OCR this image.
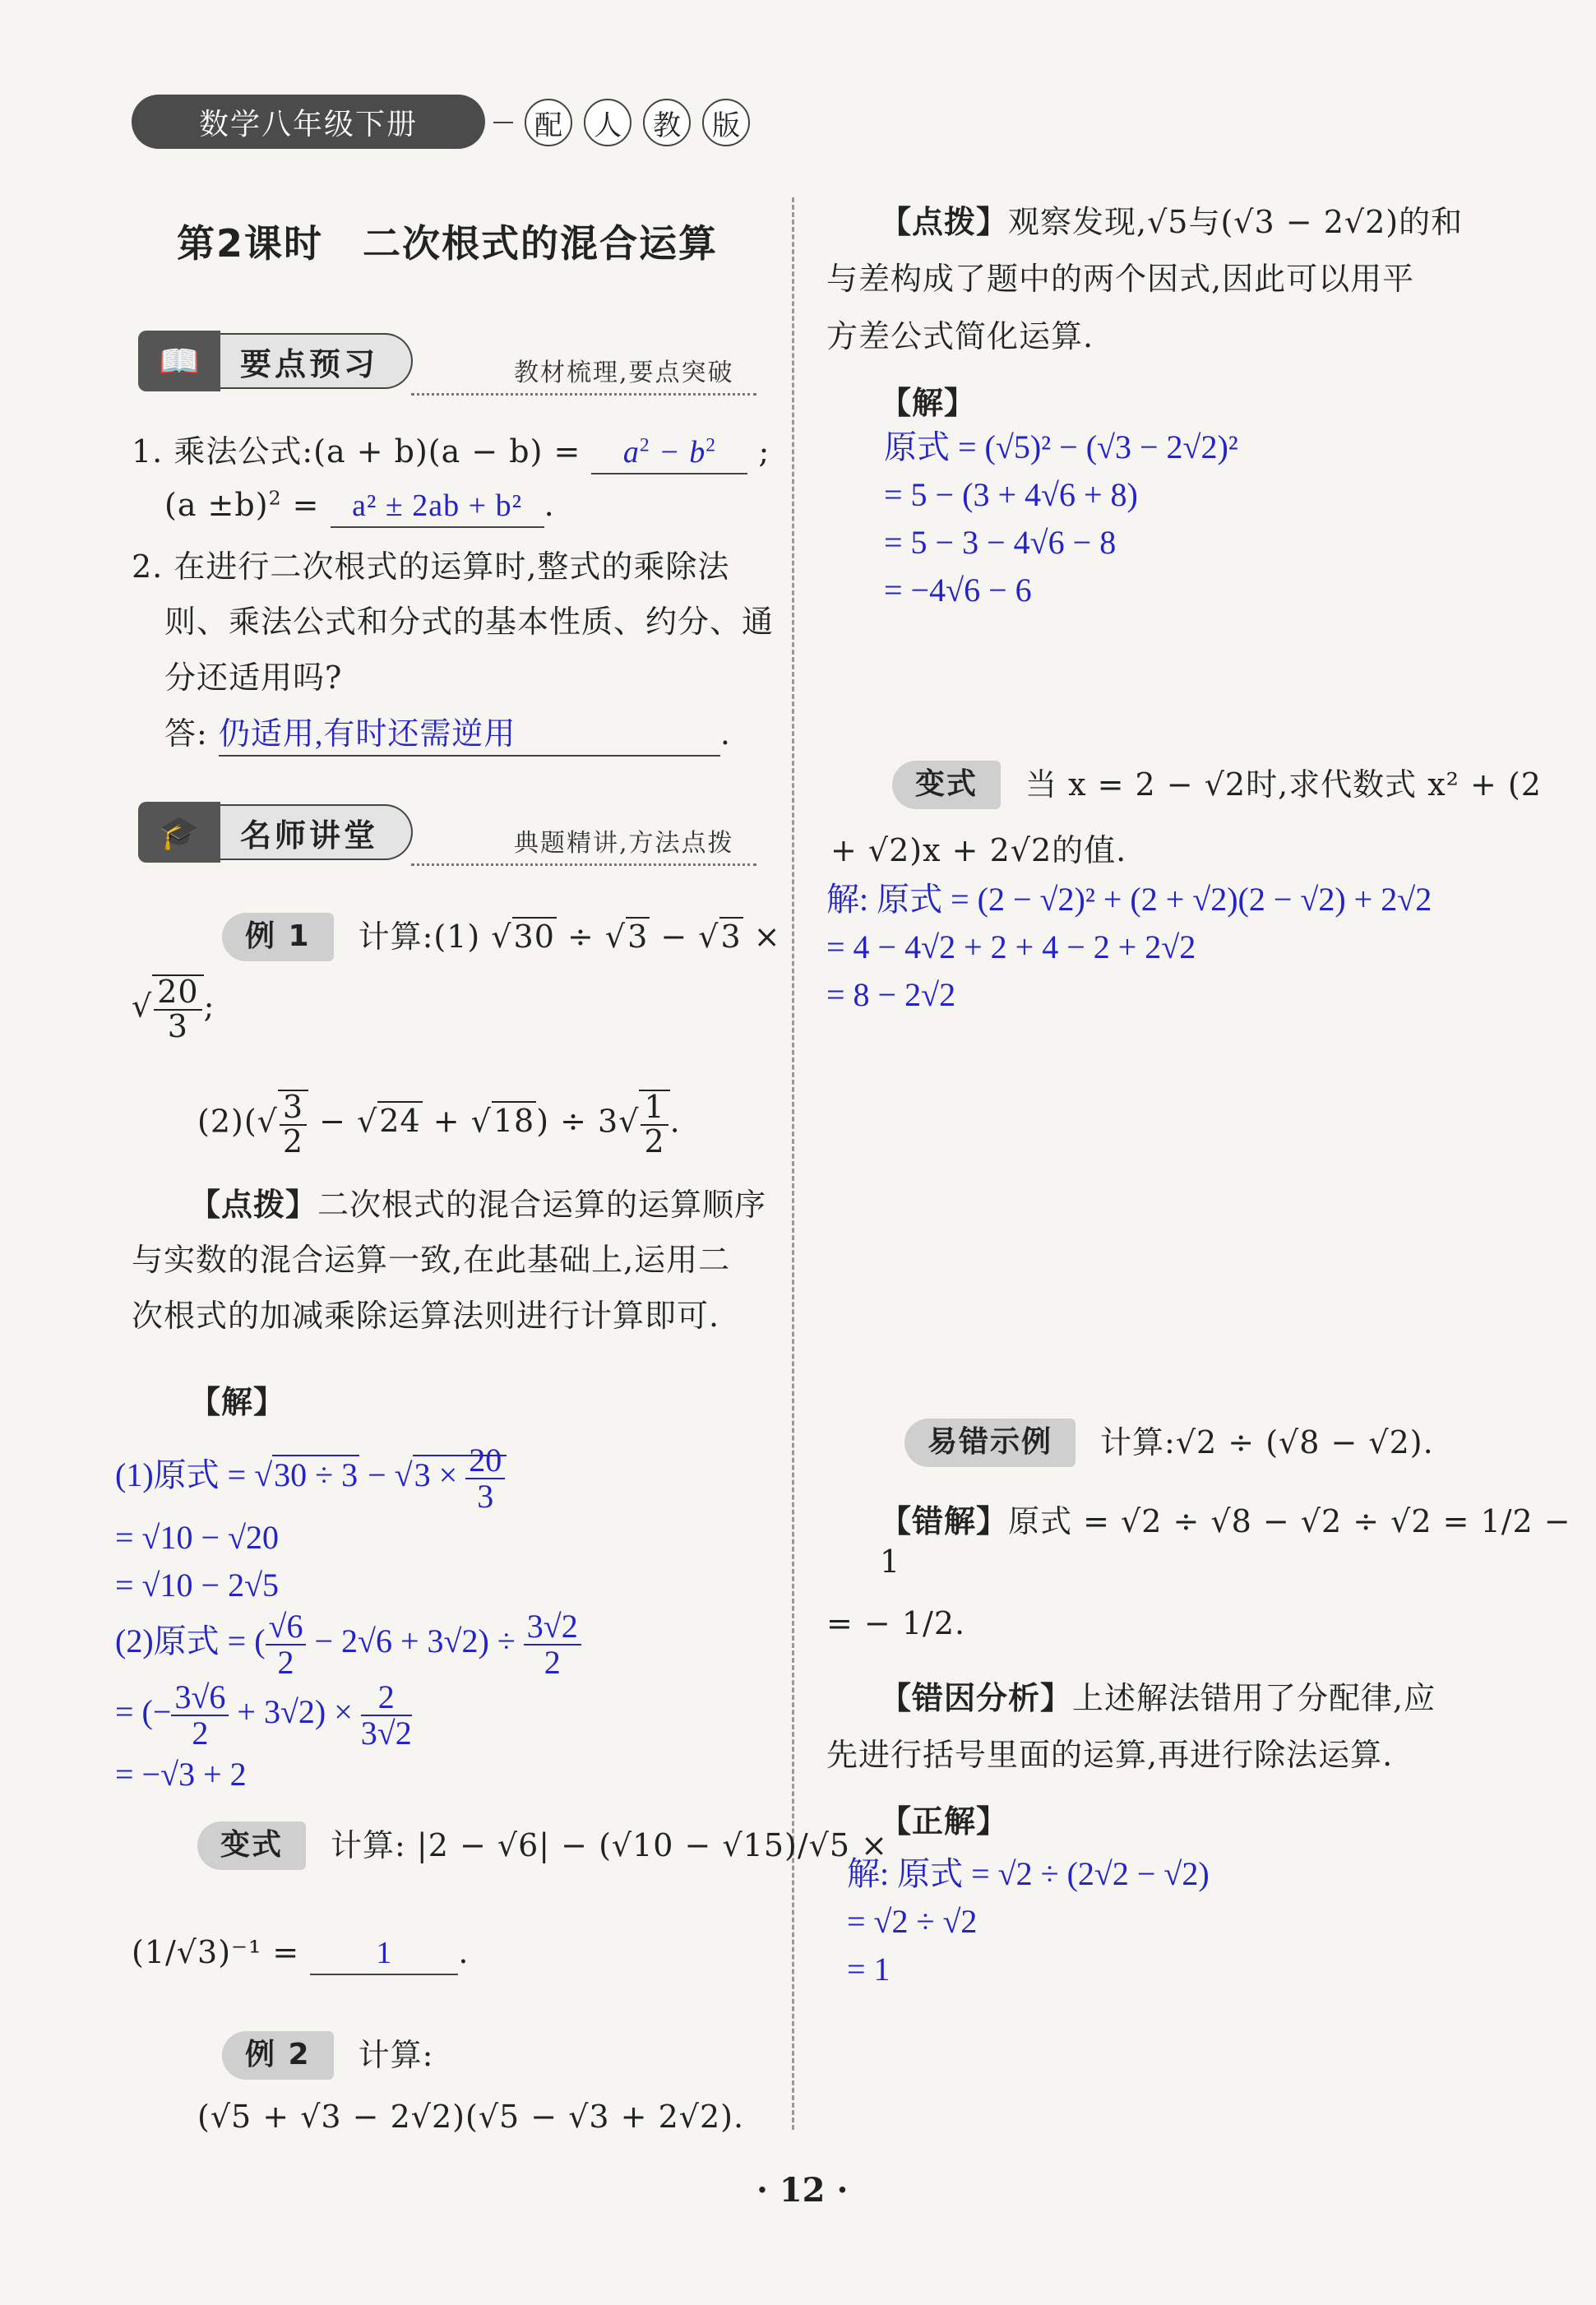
数学八年级下册	配	人	教	版
第2课时　二次根式的混合运算
📖	要点预习	教材梳理,要点突破
1. 乘法公式:(a + $b)(a - b) = a^2 - b^2$ ;
$(a \pm b)^2 = a^2 \pm 2ab + b^2$ .
2. 在进行二次根式的运算时,整式的乘除法
则、乘法公式和分式的基本性质、约分、通
分还适用吗?
答: 仍适用,有时还需逆用	.
🎓	名师讲堂	典题精讲,方法点拨
例 1	计算:(1) √30 ÷ √3 − √3 ×
√ $\frac{20}{3}$ ;
$(2)(√ \frac{3}{2} - √24 + √18) \div 3√ \frac{1}{2}$ .
【点拨】二次根式的混合运算的运算顺序
与实数的混合运算一致,在此基础上,运用二
次根式的加减乘除运算法则进行计算即可.
【解】
(1)原式 = $√30 \div 3 - √3 \times \frac{20}{3}$
= √10 − √20
= √10 − 2√5
(2)原式 = ( $\frac{√6}{2} - 2√6 + 3√2) \div \frac{3√2}{2}$
= (− $\frac{3√6}{2} + 3√2) \times \frac{2}{3√2}$
= −√3 + 2
变式	计算: |2 − √6| − (√10 − √15)/√5 ×
(1/√3)⁻¹ = 1 .
例 2	计算:
(√5 + √3 − 2√2)(√5 − √3 + 2√2).
【点拨】观察发现,√5与(√3 − 2√2)的和
与差构成了题中的两个因式,因此可以用平
方差公式简化运算.
【解】
原式 = (√5)² − (√3 − 2√2)²
= 5 − (3 + 4√6 + 8)
= 5 − 3 − 4√6 − 8
= −4√6 − 6
变式	当 x = 2 − √2时,求代数式 x² + (2
+ √2)x + 2√2的值.
解: 原式 = (2 − √2)² + (2 + √2)(2 − √2) + 2√2
= 4 − 4√2 + 2 + 4 − 2 + 2√2
= 8 − 2√2
易错示例	计算:√2 ÷ (√8 − √2).
【错解】原式 = √2 ÷ √8 − √2 ÷ √2 = 1/2 − 1
= − 1/2.
【错因分析】上述解法错用了分配律,应
先进行括号里面的运算,再进行除法运算.
【正解】
解: 原式 = √2 ÷ (2√2 − √2)
= √2 ÷ √2
= 1
· 12 ·
